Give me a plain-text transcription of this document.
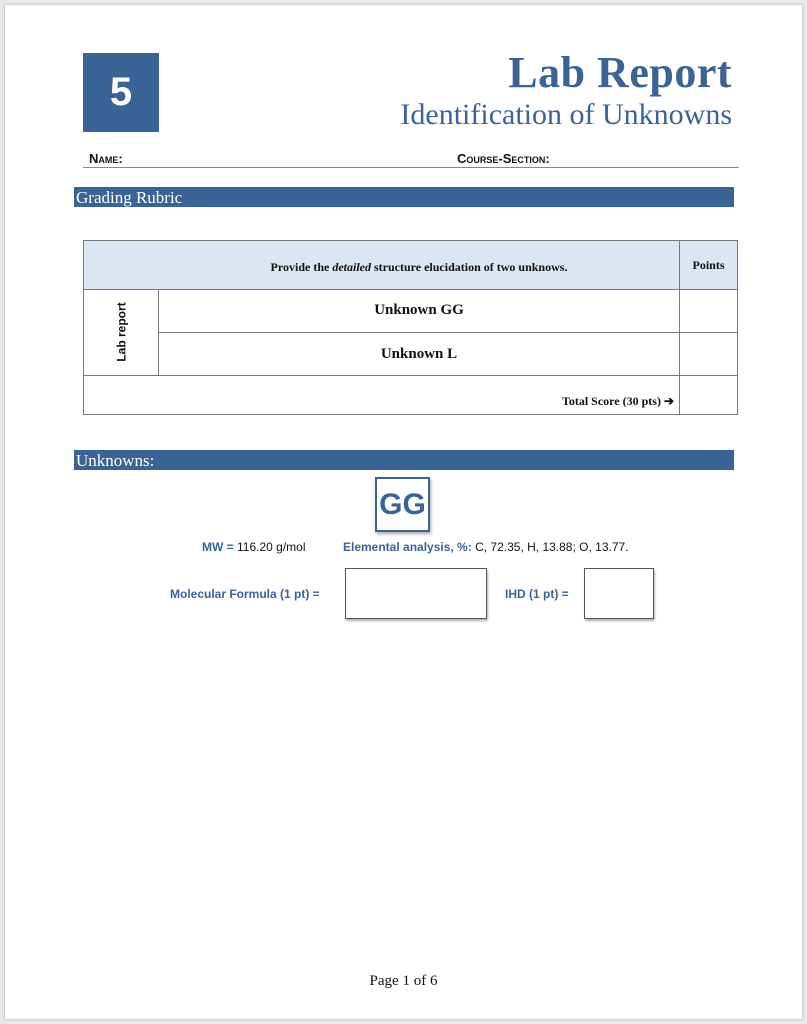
5	Lab Report
Identification of Unknowns
Name:	Course-Section:
Grading Rubric
Provide the detailed structure elucidation of two unknows.	Points
Lab report	Unknown GG
Unknown L
Total Score (30 pts) ➔
Unknowns:
GG
MW = 116.20 g/mol	Elemental analysis, %: C, 72.35, H, 13.88; O, 13.77.
Molecular Formula (1 pt) =	IHD (1 pt) =
Page 1 of 6
